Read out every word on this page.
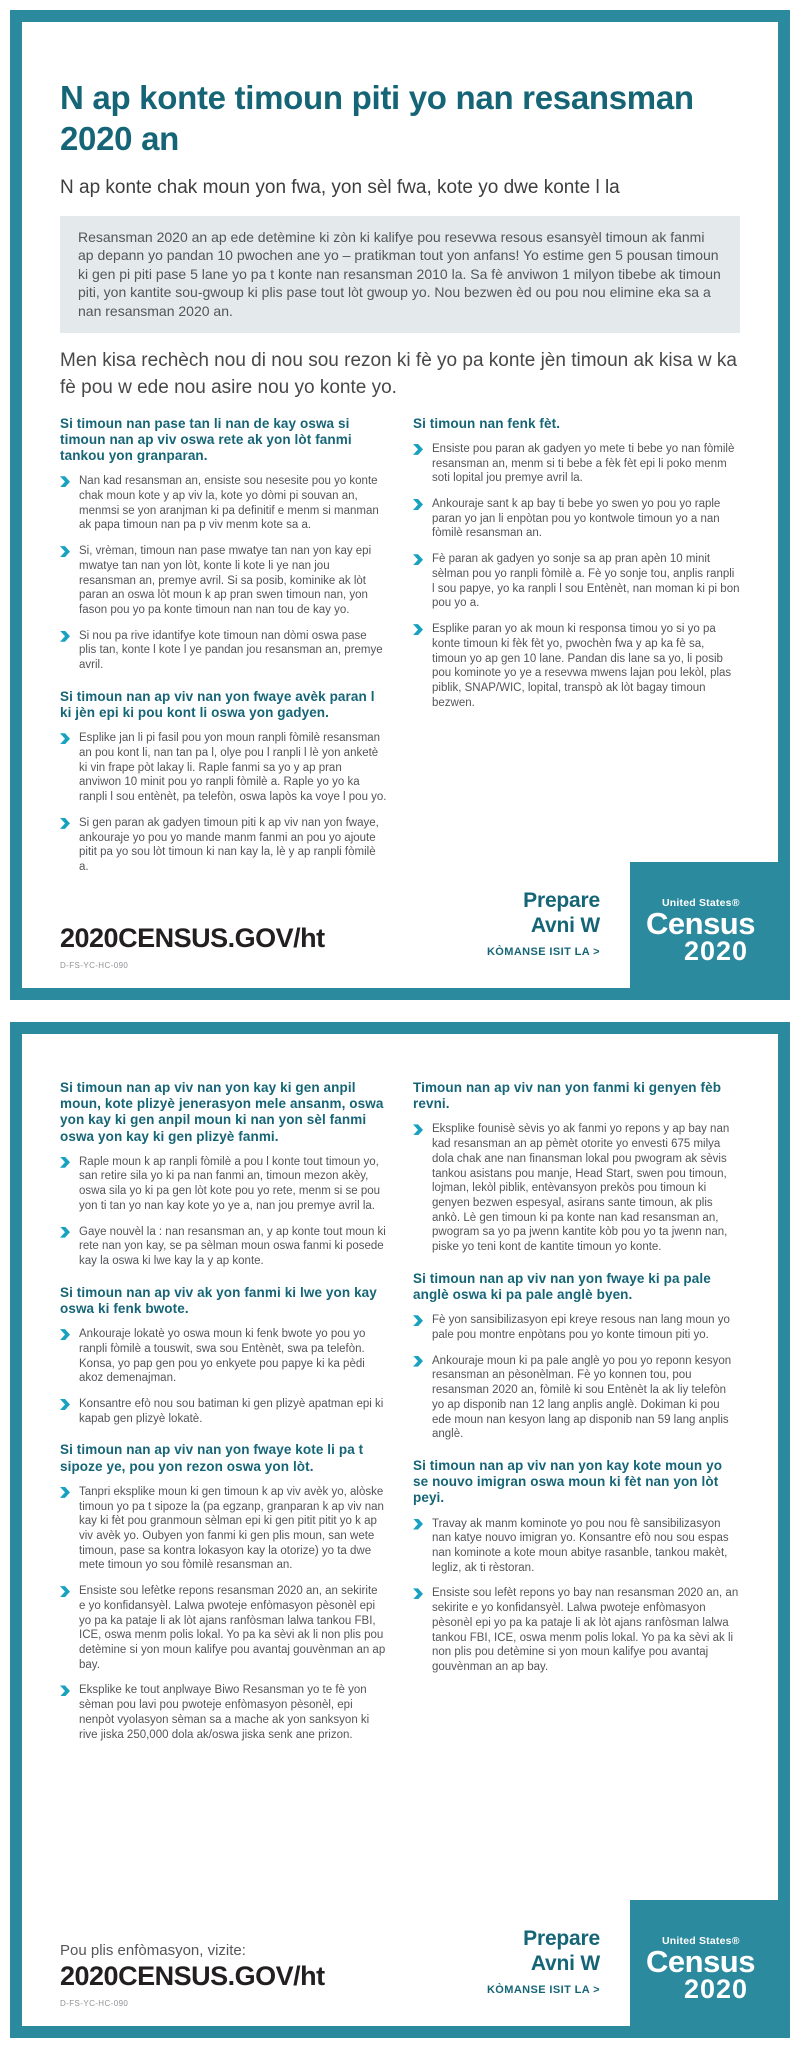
N ap konte timoun piti yo nan resansman 2020 an
N ap konte chak moun yon fwa, yon sèl fwa, kote yo dwe konte l la
Resansman 2020 an ap ede detèmine ki zòn ki kalifye pou resevwa resous esansyèl timoun ak fanmi ap depann yo pandan 10 pwochen ane yo – pratikman tout yon anfans! Yo estime gen 5 pousan timoun ki gen pi piti pase 5 lane yo pa t konte nan resansman 2010 la. Sa fè anviwon 1 milyon tibebe ak timoun piti, yon kantite sou-gwoup ki plis pase tout lòt gwoup yo. Nou bezwen èd ou pou nou elimine eka sa a nan resansman 2020 an.

Men kisa rechèch nou di nou sou rezon ki fè yo pa konte jèn timoun ak kisa w ka fè pou w ede nou asire nou yo konte yo.

Si timoun nan pase tan li nan de kay oswa si timoun nan ap viv oswa rete ak yon lòt fanmi tankou yon granparan.

Nan kad resansman an, ensiste sou nesesite pou yo konte chak moun kote y ap viv la, kote yo dòmi pi souvan an, menmsi se yon aranjman ki pa definitif e menm si manman ak papa timoun nan pa p viv menm kote sa a.

Si, vrèman, timoun nan pase mwatye tan nan yon kay epi mwatye tan nan yon lòt, konte li kote li ye nan jou resansman an, premye avril. Si sa posib, kominike ak lòt paran an oswa lòt moun k ap pran swen timoun nan, yon fason pou yo pa konte timoun nan nan tou de kay yo.

Si nou pa rive idantifye kote timoun nan dòmi oswa pase plis tan, konte l kote l ye pandan jou resansman an, premye avril.

Si timoun nan ap viv nan yon fwaye avèk paran l ki jèn epi ki pou kont li oswa yon gadyen.

Esplike jan li pi fasil pou yon moun ranpli fòmilè resansman an pou kont li, nan tan pa l, olye pou l ranpli l lè yon anketè ki vin frape pòt lakay li. Raple fanmi sa yo y ap pran anviwon 10 minit pou yo ranpli fòmilè a. Raple yo yo ka ranpli l sou entènèt, pa telefòn, oswa lapòs ka voye l pou yo.

Si gen paran ak gadyen timoun piti k ap viv nan yon fwaye, ankouraje yo pou yo mande manm fanmi an pou yo ajoute pitit pa yo sou lòt timoun ki nan kay la, lè y ap ranpli fòmilè a.

Si timoun nan fenk fèt.

Ensiste pou paran ak gadyen yo mete ti bebe yo nan fòmilè resansman an, menm si ti bebe a fèk fèt epi li poko menm soti lopital jou premye avril la.

Ankouraje sant k ap bay ti bebe yo swen yo pou yo raple paran yo jan li enpòtan pou yo kontwole timoun yo a nan fòmilè resansman an.

Fè paran ak gadyen yo sonje sa ap pran apèn 10 minit sèlman pou yo ranpli fòmilè a. Fè yo sonje tou, anplis ranpli l sou papye, yo ka ranpli l sou Entènèt, nan moman ki pi bon pou yo a.

Esplike paran yo ak moun ki responsa timou yo si yo pa konte timoun ki fèk fèt yo, pwochèn fwa y ap ka fè sa, timoun yo ap gen 10 lane. Pandan dis lane sa yo, li posib pou kominote yo ye a resevwa mwens lajan pou lekòl, plas piblik, SNAP/WIC, lopital, transpò ak lòt bagay timoun bezwen.

2020CENSUS.GOV/ht
D-FS-YC-HC-090
Prepare
Avni W
KÒMANSE ISIT LA >
United States®
Census
2020
Si timoun nan ap viv nan yon kay ki gen anpil moun, kote plizyè jenerasyon mele ansanm, oswa yon kay ki gen anpil moun ki nan yon sèl fanmi oswa yon kay ki gen plizyè fanmi.

Raple moun k ap ranpli fòmilè a pou l konte tout timoun yo, san retire sila yo ki pa nan fanmi an, timoun mezon akèy, oswa sila yo ki pa gen lòt kote pou yo rete, menm si se pou yon ti tan yo nan kay kote yo ye a, nan jou premye avril la.

Gaye nouvèl la : nan resansman an, y ap konte tout moun ki rete nan yon kay, se pa sèlman moun oswa fanmi ki posede kay la oswa ki lwe kay la y ap konte.

Si timoun nan ap viv ak yon fanmi ki lwe yon kay oswa ki fenk bwote.

Ankouraje lokatè yo oswa moun ki fenk bwote yo pou yo ranpli fòmilè a touswit, swa sou Entènèt, swa pa telefòn. Konsa, yo pap gen pou yo enkyete pou papye ki ka pèdi akoz demenajman.

Konsantre efò nou sou batiman ki gen plizyè apatman epi ki kapab gen plizyè lokatè.

Si timoun nan ap viv nan yon fwaye kote li pa t sipoze ye, pou yon rezon oswa yon lòt.

Tanpri eksplike moun ki gen timoun k ap viv avèk yo, alòske timoun yo pa t sipoze la (pa egzanp, granparan k ap viv nan kay ki fèt pou granmoun sèlman epi ki gen pitit pitit yo k ap viv avèk yo. Oubyen yon fanmi ki gen plis moun, san wete timoun, pase sa kontra lokasyon kay la otorize) yo ta dwe mete timoun yo sou fòmilè resansman an.

Ensiste sou lefètke repons resansman 2020 an, an sekirite e yo konfidansyèl. Lalwa pwoteje enfòmasyon pèsonèl epi yo pa ka pataje li ak lòt ajans ranfòsman lalwa tankou FBI, ICE, oswa menm polis lokal. Yo pa ka sèvi ak li non plis pou detèmine si yon moun kalifye pou avantaj gouvènman an ap bay.

Eksplike ke tout anplwaye Biwo Resansman yo te fè yon sèman pou lavi pou pwoteje enfòmasyon pèsonèl, epi nenpòt vyolasyon sèman sa a mache ak yon sanksyon ki rive jiska 250,000 dola ak/oswa jiska senk ane prizon.

Timoun nan ap viv nan yon fanmi ki genyen fèb revni.

Eksplike founisè sèvis yo ak fanmi yo repons y ap bay nan kad resansman an ap pèmèt otorite yo envesti 675 milya dola chak ane nan finansman lokal pou pwogram ak sèvis tankou asistans pou manje, Head Start, swen pou timoun, lojman, lekòl piblik, entèvansyon prekòs pou timoun ki genyen bezwen espesyal, asirans sante timoun, ak plis ankò. Lè gen timoun ki pa konte nan kad resansman an, pwogram sa yo pa jwenn kantite kòb pou yo ta jwenn nan, piske yo teni kont de kantite timoun yo konte.

Si timoun nan ap viv nan yon fwaye ki pa pale anglè oswa ki pa pale anglè byen.

Fè yon sansibilizasyon epi kreye resous nan lang moun yo pale pou montre enpòtans pou yo konte timoun piti yo.

Ankouraje moun ki pa pale anglè yo pou yo reponn kesyon resansman an pèsonèlman. Fè yo konnen tou, pou resansman 2020 an, fòmilè ki sou Entènèt la ak liy telefòn yo ap disponib nan 12 lang anplis anglè. Dokiman ki pou ede moun nan kesyon lang ap disponib nan 59 lang anplis anglè.

Si timoun nan ap viv nan yon kay kote moun yo se nouvo imigran oswa moun ki fèt nan yon lòt peyi.

Travay ak manm kominote yo pou nou fè sansibilizasyon nan katye nouvo imigran yo. Konsantre efò nou sou espas nan kominote a kote moun abitye rasanble, tankou makèt, legliz, ak ti rèstoran.

Ensiste sou lefèt repons yo bay nan resansman 2020 an, an sekirite e yo konfidansyèl. Lalwa pwoteje enfòmasyon pèsonèl epi yo pa ka pataje li ak lòt ajans ranfòsman lalwa tankou FBI, ICE, oswa menm polis lokal. Yo pa ka sèvi ak li non plis pou detèmine si yon moun kalifye pou avantaj gouvènman an ap bay.

Pou plis enfòmasyon, vizite:

2020CENSUS.GOV/ht
D-FS-YC-HC-090
Prepare
Avni W
KÒMANSE ISIT LA >
United States®
Census
2020
